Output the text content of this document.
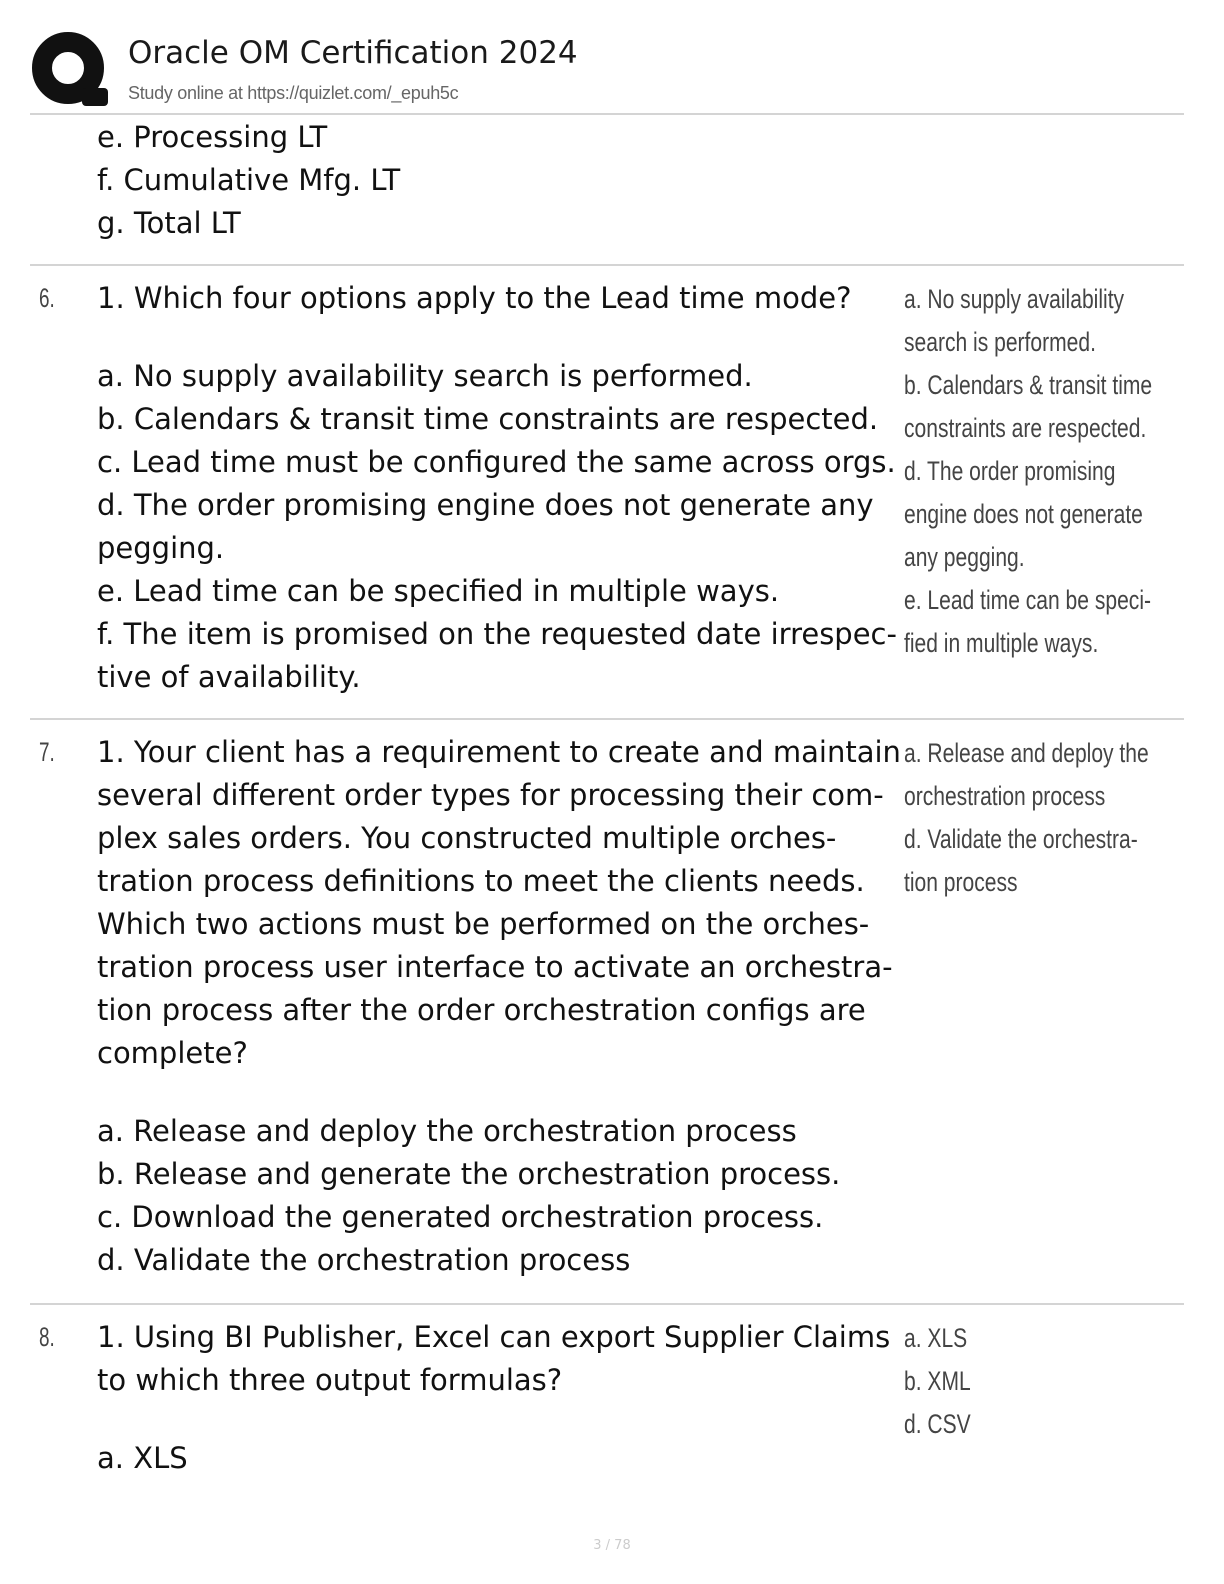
Oracle OM Certification 2024
Study online at https://quizlet.com/_epuh5c
e. Processing LT
f. Cumulative Mfg. LT
g. Total LT
6. 1. Which four options apply to the Lead time mode?
a. No supply availability search is performed.
b. Calendars & transit time constraints are respected.
c. Lead time must be configured the same across orgs.
d. The order promising engine does not generate any
pegging.
e. Lead time can be specified in multiple ways.
f. The item is promised on the requested date irrespec-
tive of availability.
a. No supply availability
search is performed.
b. Calendars & transit time
constraints are respected.
d. The order promising
engine does not generate
any pegging.
e. Lead time can be speci-
fied in multiple ways.
7. 1. Your client has a requirement to create and maintain
several different order types for processing their com-
plex sales orders. You constructed multiple orches-
tration process definitions to meet the clients needs.
Which two actions must be performed on the orches-
tration process user interface to activate an orchestra-
tion process after the order orchestration configs are
complete?
a. Release and deploy the orchestration process
b. Release and generate the orchestration process.
c. Download the generated orchestration process.
d. Validate the orchestration process
a. Release and deploy the
orchestration process
d. Validate the orchestra-
tion process
8. 1. Using BI Publisher, Excel can export Supplier Claims
to which three output formulas?
a. XLS
a. XLS
b. XML
d. CSV
3 / 78
